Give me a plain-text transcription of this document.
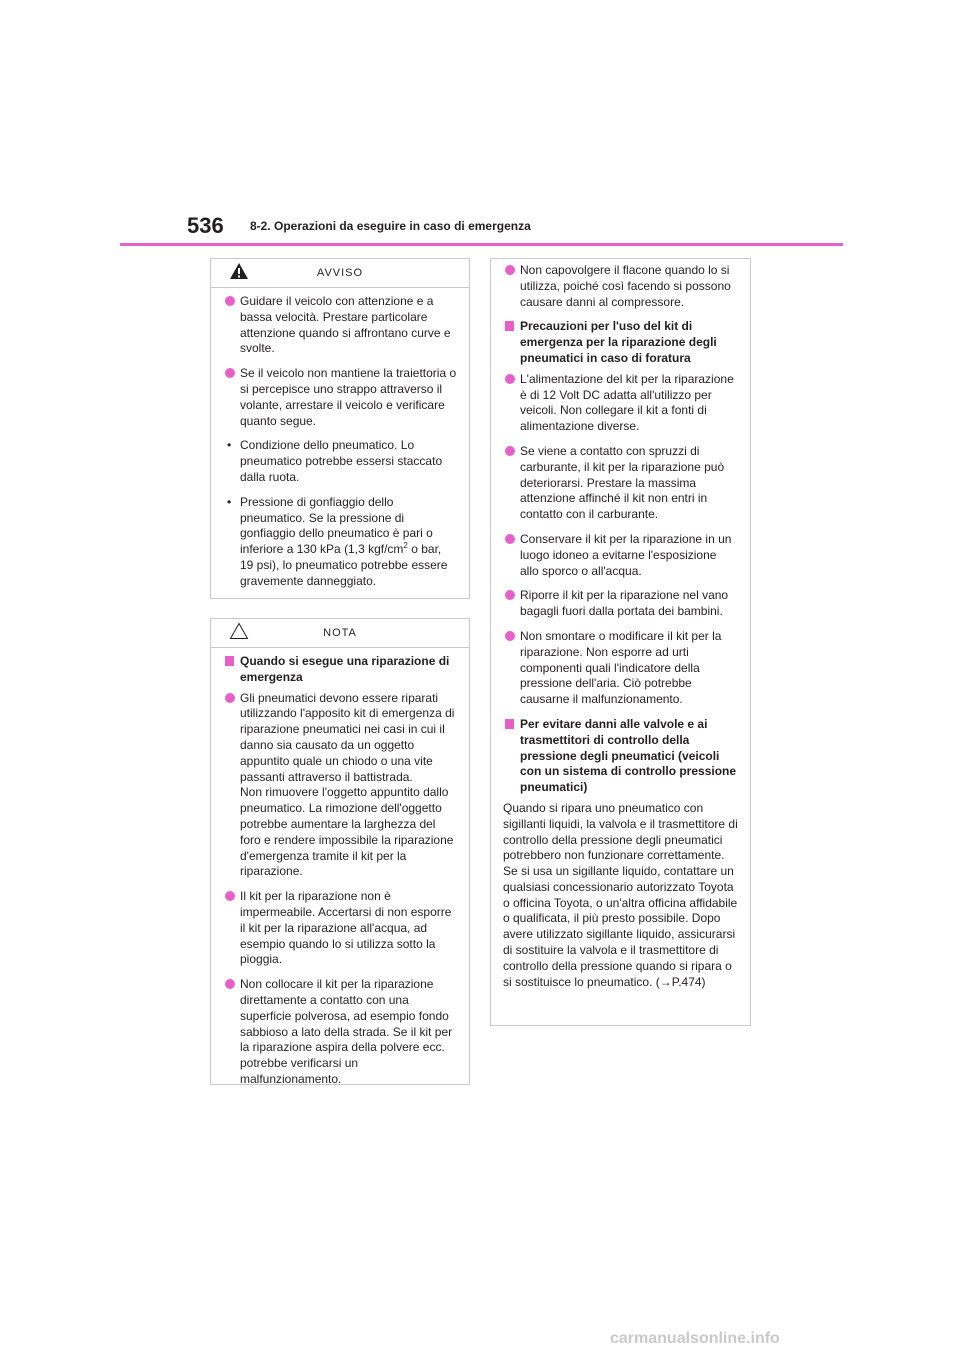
536 8-2. Operazioni da eseguire in caso di emergenza
AVVISO
Guidare il veicolo con attenzione e a bassa velocità. Prestare particolare attenzione quando si affrontano curve e svolte.
Se il veicolo non mantiene la traiettoria o si percepisce uno strappo attraverso il volante, arrestare il veicolo e verificare quanto segue.
• Condizione dello pneumatico. Lo pneumatico potrebbe essersi staccato dalla ruota.
• Pressione di gonfiaggio dello pneumatico. Se la pressione di gonfiaggio dello pneumatico è pari o inferiore a 130 kPa (1,3 kgf/$cm^2$ o bar, 19 psi), lo pneumatico potrebbe essere gravemente danneggiato.
NOTA
Quando si esegue una riparazione di emergenza
Gli pneumatici devono essere riparati utilizzando l'apposito kit di emergenza di riparazione pneumatici nei casi in cui il danno sia causato da un oggetto appuntito quale un chiodo o una vite passanti attraverso il battistrada.
Non rimuovere l'oggetto appuntito dallo pneumatico. La rimozione dell'oggetto potrebbe aumentare la larghezza del foro e rendere impossibile la riparazione d'emergenza tramite il kit per la riparazione.
Il kit per la riparazione non è impermeabile. Accertarsi di non esporre il kit per la riparazione all'acqua, ad esempio quando lo si utilizza sotto la pioggia.
Non collocare il kit per la riparazione direttamente a contatto con una superficie polverosa, ad esempio fondo sabbioso a lato della strada. Se il kit per la riparazione aspira della polvere ecc. potrebbe verificarsi un malfunzionamento.
Non capovolgere il flacone quando lo si utilizza, poiché così facendo si possono causare danni al compressore.
Precauzioni per l'uso del kit di emergenza per la riparazione degli pneumatici in caso di foratura
L'alimentazione del kit per la riparazione è di 12 Volt DC adatta all'utilizzo per veicoli. Non collegare il kit a fonti di alimentazione diverse.
Se viene a contatto con spruzzi di carburante, il kit per la riparazione può deteriorarsi. Prestare la massima attenzione affinché il kit non entri in contatto con il carburante.
Conservare il kit per la riparazione in un luogo idoneo a evitarne l'esposizione allo sporco o all'acqua.
Riporre il kit per la riparazione nel vano bagagli fuori dalla portata dei bambini.
Non smontare o modificare il kit per la riparazione. Non esporre ad urti componenti quali l'indicatore della pressione dell'aria. Ciò potrebbe causarne il malfunzionamento.
Per evitare danni alle valvole e ai trasmettitori di controllo della pressione degli pneumatici (veicoli con un sistema di controllo pressione pneumatici)
Quando si ripara uno pneumatico con sigillanti liquidi, la valvola e il trasmettitore di controllo della pressione degli pneumatici potrebbero non funzionare correttamente. Se si usa un sigillante liquido, contattare un qualsiasi concessionario autorizzato Toyota o officina Toyota, o un'altra officina affidabile o qualificata, il più presto possibile. Dopo avere utilizzato sigillante liquido, assicurarsi di sostituire la valvola e il trasmettitore di controllo della pressione quando si ripara o si sostituisce lo pneumatico. (→P.474)
carmanualsonline.info
